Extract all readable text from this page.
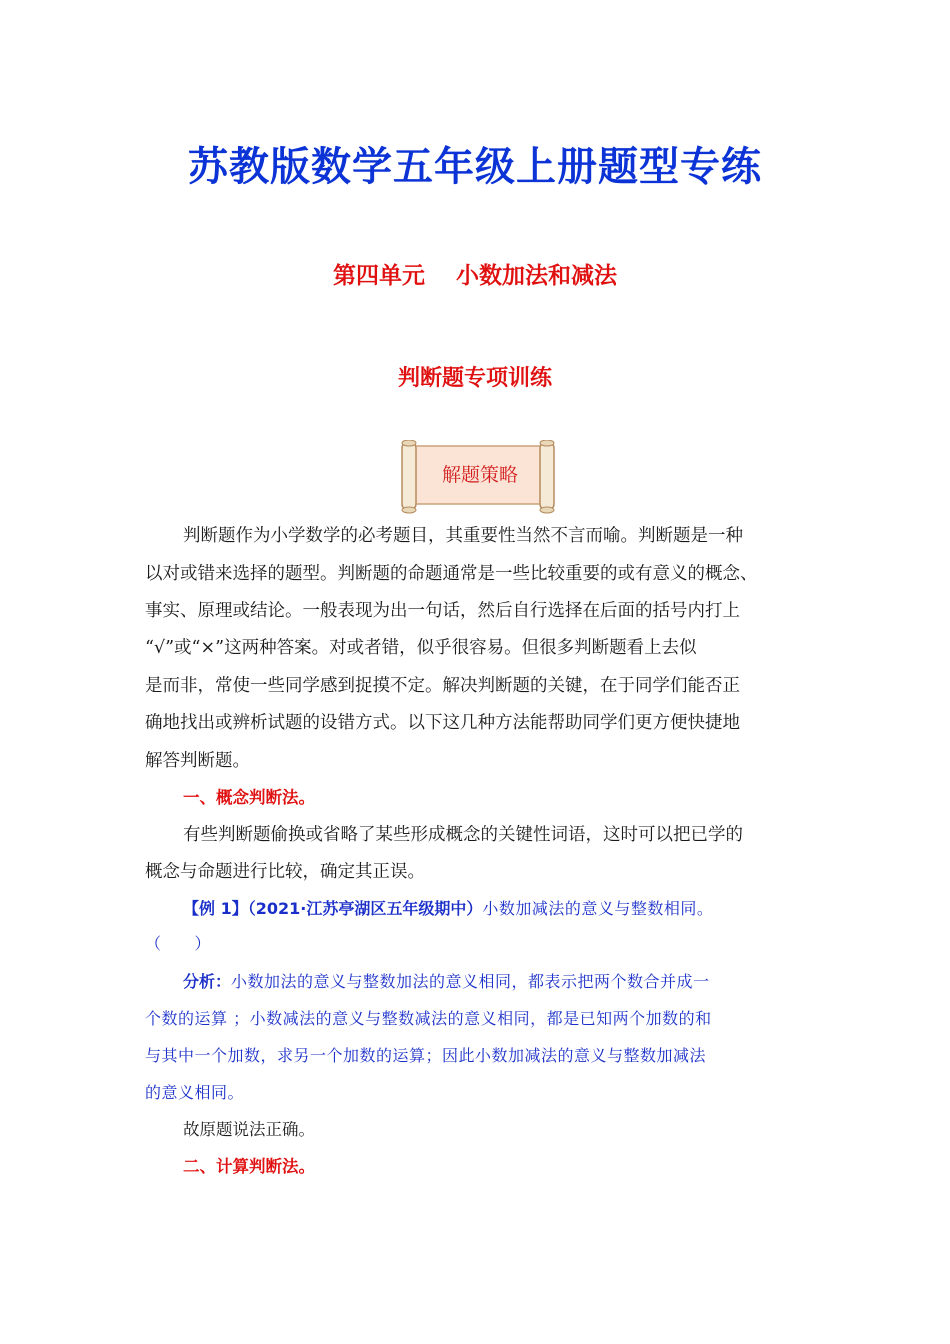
苏教版数学五年级上册题型专练
第四单元　 小数加法和减法
判断题专项训练
解题策略
判断题作为小学数学的必考题目，其重要性当然不言而喻。判断题是一种
以对或错来选择的题型。判断题的命题通常是一些比较重要的或有意义的概念、
事实、原理或结论。一般表现为出一句话，然后自行选择在后面的括号内打上
“√”或“×”这两种答案。对或者错，似乎很容易。但很多判断题看上去似
是而非，常使一些同学感到捉摸不定。解决判断题的关键，在于同学们能否正
确地找出或辨析试题的设错方式。以下这几种方法能帮助同学们更方便快捷地
解答判断题。
一、概念判断法。
有些判断题偷换或省略了某些形成概念的关键性词语，这时可以把已学的
概念与命题进行比较，确定其正误。
【例 1】（2021·江苏亭湖区五年级期中）小数加减法的意义与整数相同。
（　　）
分析：小数加法的意义与整数加法的意义相同，都表示把两个数合并成一
个数的运算 ；小数减法的意义与整数减法的意义相同，都是已知两个加数的和
与其中一个加数，求另一个加数的运算；因此小数加减法的意义与整数加减法
的意义相同。
故原题说法正确。
二、计算判断法。
